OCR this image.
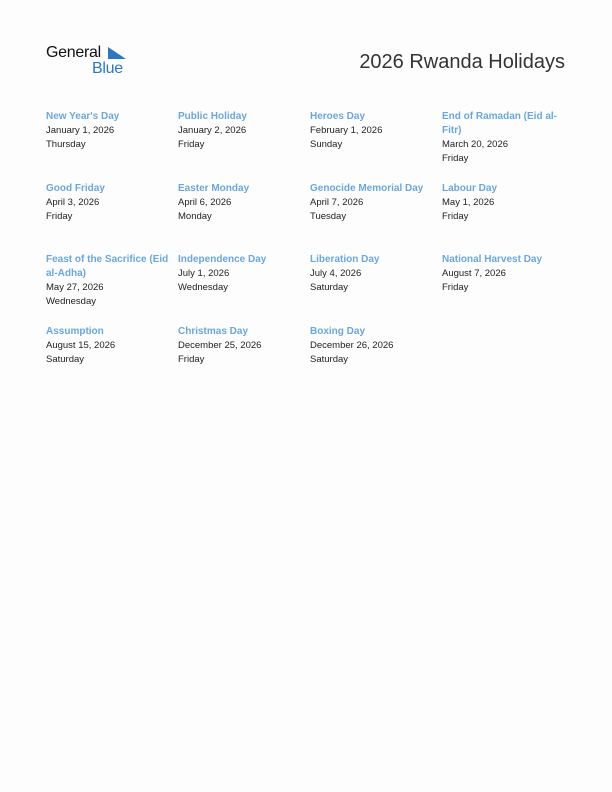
General
Blue	2026 Rwanda Holidays
New Year's Day
January 1, 2026
Thursday
Public Holiday
January 2, 2026
Friday
Heroes Day
February 1, 2026
Sunday
End of Ramadan (Eid al-Fitr)
March 20, 2026
Friday
Good Friday
April 3, 2026
Friday
Easter Monday
April 6, 2026
Monday
Genocide Memorial Day
April 7, 2026
Tuesday
Labour Day
May 1, 2026
Friday
Feast of the Sacrifice (Eid al-Adha)
May 27, 2026
Wednesday
Independence Day
July 1, 2026
Wednesday
Liberation Day
July 4, 2026
Saturday
National Harvest Day
August 7, 2026
Friday
Assumption
August 15, 2026
Saturday
Christmas Day
December 25, 2026
Friday
Boxing Day
December 26, 2026
Saturday
